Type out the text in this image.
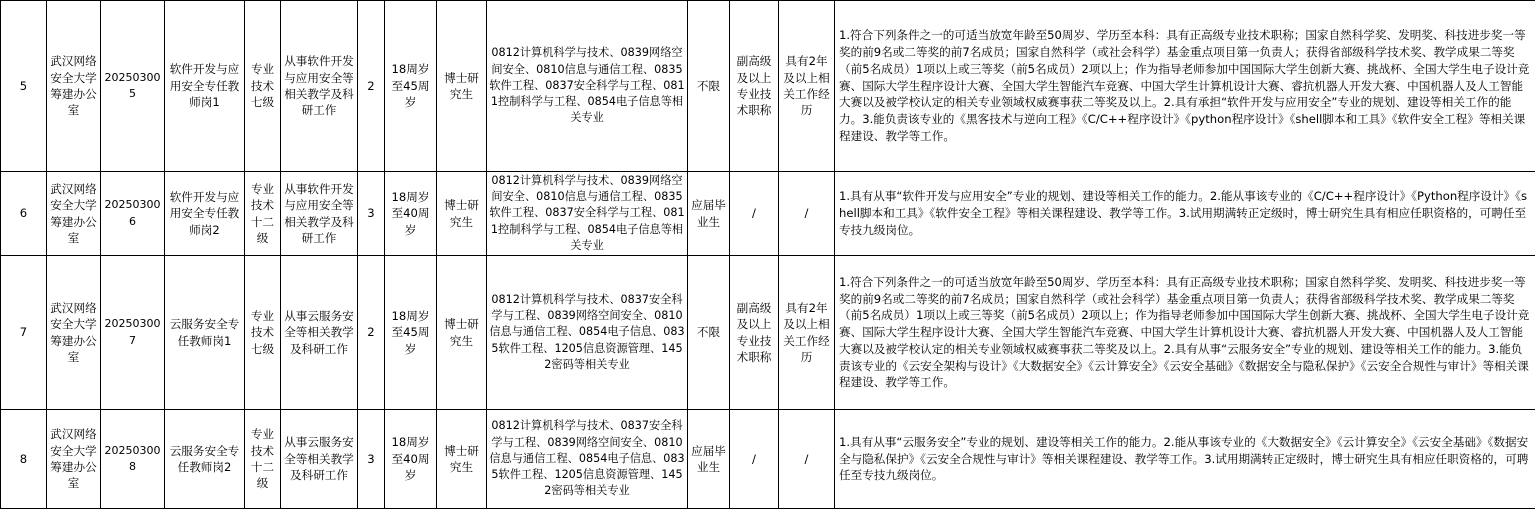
5	武汉网络安全大学筹建办公室	202503005	软件开发与应用安全专任教师岗1	专业技术七级	从事软件开发与应用安全等相关教学及科研工作	2	18周岁至45周岁	博士研究生	0812计算机科学与技术、0839网络空间安全、0810信息与通信工程、0835软件工程、0837安全科学与工程、0811控制科学与工程、0854电子信息等相关专业	不限	副高级及以上专业技术职称	具有2年及以上相关工作经历	1.符合下列条件之一的可适当放宽年龄至50周岁、学历至本科：具有正高级专业技术职称；国家自然科学奖、发明奖、科技进步奖一等奖的前9名或二等奖的前7名成员；国家自然科学（或社会科学）基金重点项目第一负责人；获得省部级科学技术奖、教学成果二等奖（前5名成员）1项以上或三等奖（前5名成员）2项以上；作为指导老师参加中国国际大学生创新大赛、挑战杯、全国大学生电子设计竞赛、国际大学生程序设计大赛、全国大学生智能汽车竞赛、中国大学生计算机设计大赛、睿抗机器人开发大赛、中国机器人及人工智能大赛以及被学校认定的相关专业领域权威赛事获二等奖及以上。2.具有承担“软件开发与应用安全”专业的规划、建设等相关工作的能力。3.能负责该专业的《黑客技术与逆向工程》《C/C++程序设计》《python程序设计》《shell脚本和工具》《软件安全工程》等相关课程建设、教学等工作。
6	武汉网络安全大学筹建办公室	202503006	软件开发与应用安全专任教师岗2	专业技术十二级	从事软件开发与应用安全等相关教学及科研工作	3	18周岁至40周岁	博士研究生	0812计算机科学与技术、0839网络空间安全、0810信息与通信工程、0835软件工程、0837安全科学与工程、0811控制科学与工程、0854电子信息等相关专业	应届毕业生	/	/	1.具有从事“软件开发与应用安全”专业的规划、建设等相关工作的能力。2.能从事该专业的《C/C++程序设计》《Python程序设计》《shell脚本和工具》《软件安全工程》等相关课程建设、教学等工作。3.试用期满转正定级时，博士研究生具有相应任职资格的，可聘任至专技九级岗位。
7	武汉网络安全大学筹建办公室	202503007	云服务安全专任教师岗1	专业技术七级	从事云服务安全等相关教学及科研工作	2	18周岁至45周岁	博士研究生	0812计算机科学与技术、0837安全科学与工程、0839网络空间安全、0810信息与通信工程、0854电子信息、0835软件工程、1205信息资源管理、1452密码等相关专业	不限	副高级及以上专业技术职称	具有2年及以上相关工作经历	1.符合下列条件之一的可适当放宽年龄至50周岁、学历至本科：具有正高级专业技术职称；国家自然科学奖、发明奖、科技进步奖一等奖的前9名或二等奖的前7名成员；国家自然科学（或社会科学）基金重点项目第一负责人；获得省部级科学技术奖、教学成果二等奖（前5名成员）1项以上或三等奖（前5名成员）2项以上；作为指导老师参加中国国际大学生创新大赛、挑战杯、全国大学生电子设计竞赛、国际大学生程序设计大赛、全国大学生智能汽车竞赛、中国大学生计算机设计大赛、睿抗机器人开发大赛、中国机器人及人工智能大赛以及被学校认定的相关专业领域权威赛事获二等奖及以上。2.具有从事“云服务安全”专业的规划、建设等相关工作的能力。3.能负责该专业的《云安全架构与设计》《大数据安全》《云计算安全》《云安全基础》《数据安全与隐私保护》《云安全合规性与审计》等相关课程建设、教学等工作。
8	武汉网络安全大学筹建办公室	202503008	云服务安全专任教师岗2	专业技术十二级	从事云服务安全等相关教学及科研工作	3	18周岁至40周岁	博士研究生	0812计算机科学与技术、0837安全科学与工程、0839网络空间安全、0810信息与通信工程、0854电子信息、0835软件工程、1205信息资源管理、1452密码等相关专业	应届毕业生	/	/	1.具有从事“云服务安全”专业的规划、建设等相关工作的能力。2.能从事该专业的《大数据安全》《云计算安全》《云安全基础》《数据安全与隐私保护》《云安全合规性与审计》等相关课程建设、教学等工作。3.试用期满转正定级时，博士研究生具有相应任职资格的，可聘任至专技九级岗位。
